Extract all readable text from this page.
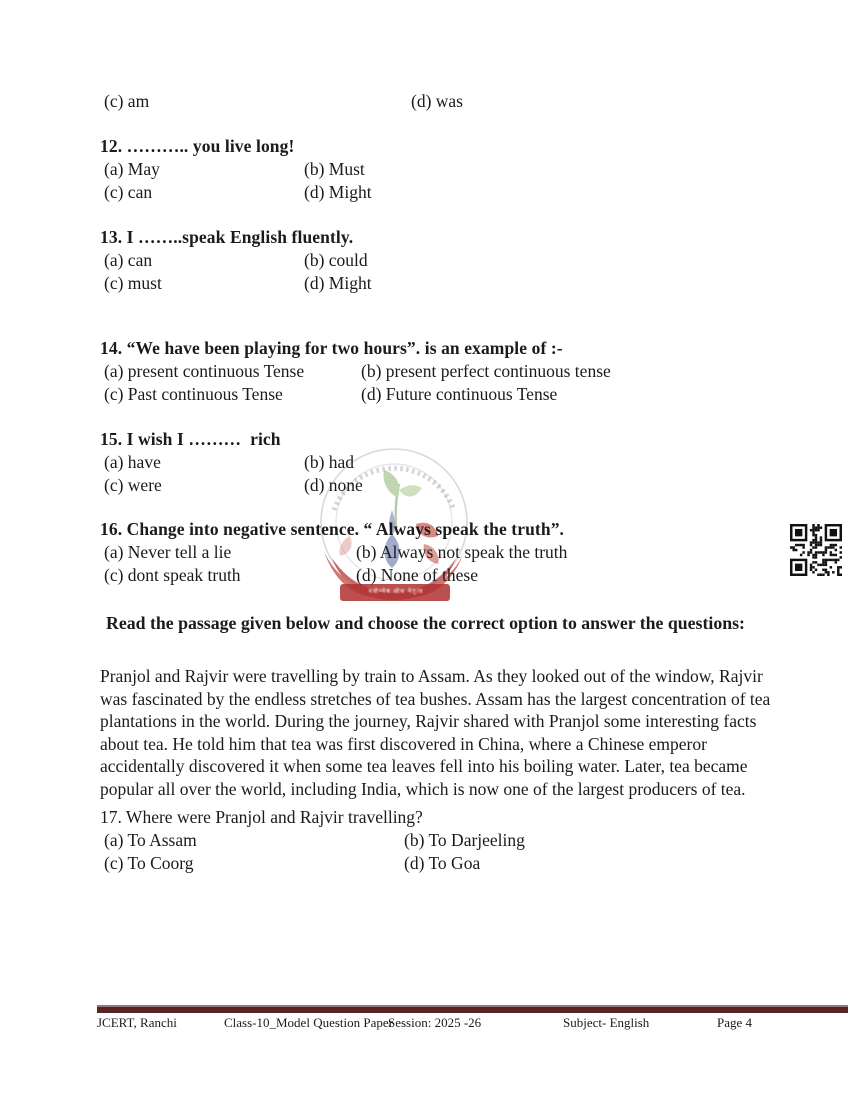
नवोन्मेष शोध नेतृत्व
(c) am	(d) was
12. ……….. you live long!
(a) May	(b) Must
(c) can	(d) Might
13. I ……..speak English fluently.
(a) can	(b) could
(c) must	(d) Might
14. “We have been playing for two hours”. is an example of :-
(a) present continuous Tense	(b) present perfect continuous tense
(c) Past continuous Tense	(d) Future continuous Tense
15. I wish I ………  rich
(a) have	(b) had
(c) were	(d) none
16. Change into negative sentence. “ Always speak the truth”.
(a) Never tell a lie	(b) Always not speak the truth
(c) dont speak truth	(d) None of these
Read the passage given below and choose the correct option to answer the questions:
Pranjol and Rajvir were travelling by train to Assam. As they looked out of the window, Rajvir was fascinated by the endless stretches of tea bushes. Assam has the largest concentration of tea plantations in the world. During the journey, Rajvir shared with Pranjol some interesting facts about tea. He told him that tea was first discovered in China, where a Chinese emperor accidentally discovered it when some tea leaves fell into his boiling water. Later, tea became popular all over the world, including India, which is now one of the largest producers of tea.
17. Where were Pranjol and Rajvir travelling?
(a) To Assam	(b) To Darjeeling
(c) To Coorg	(d) To Goa
JCERT, Ranchi	Class-10_Model Question Paper
Session: 2025 -26	Subject- English	Page 4
